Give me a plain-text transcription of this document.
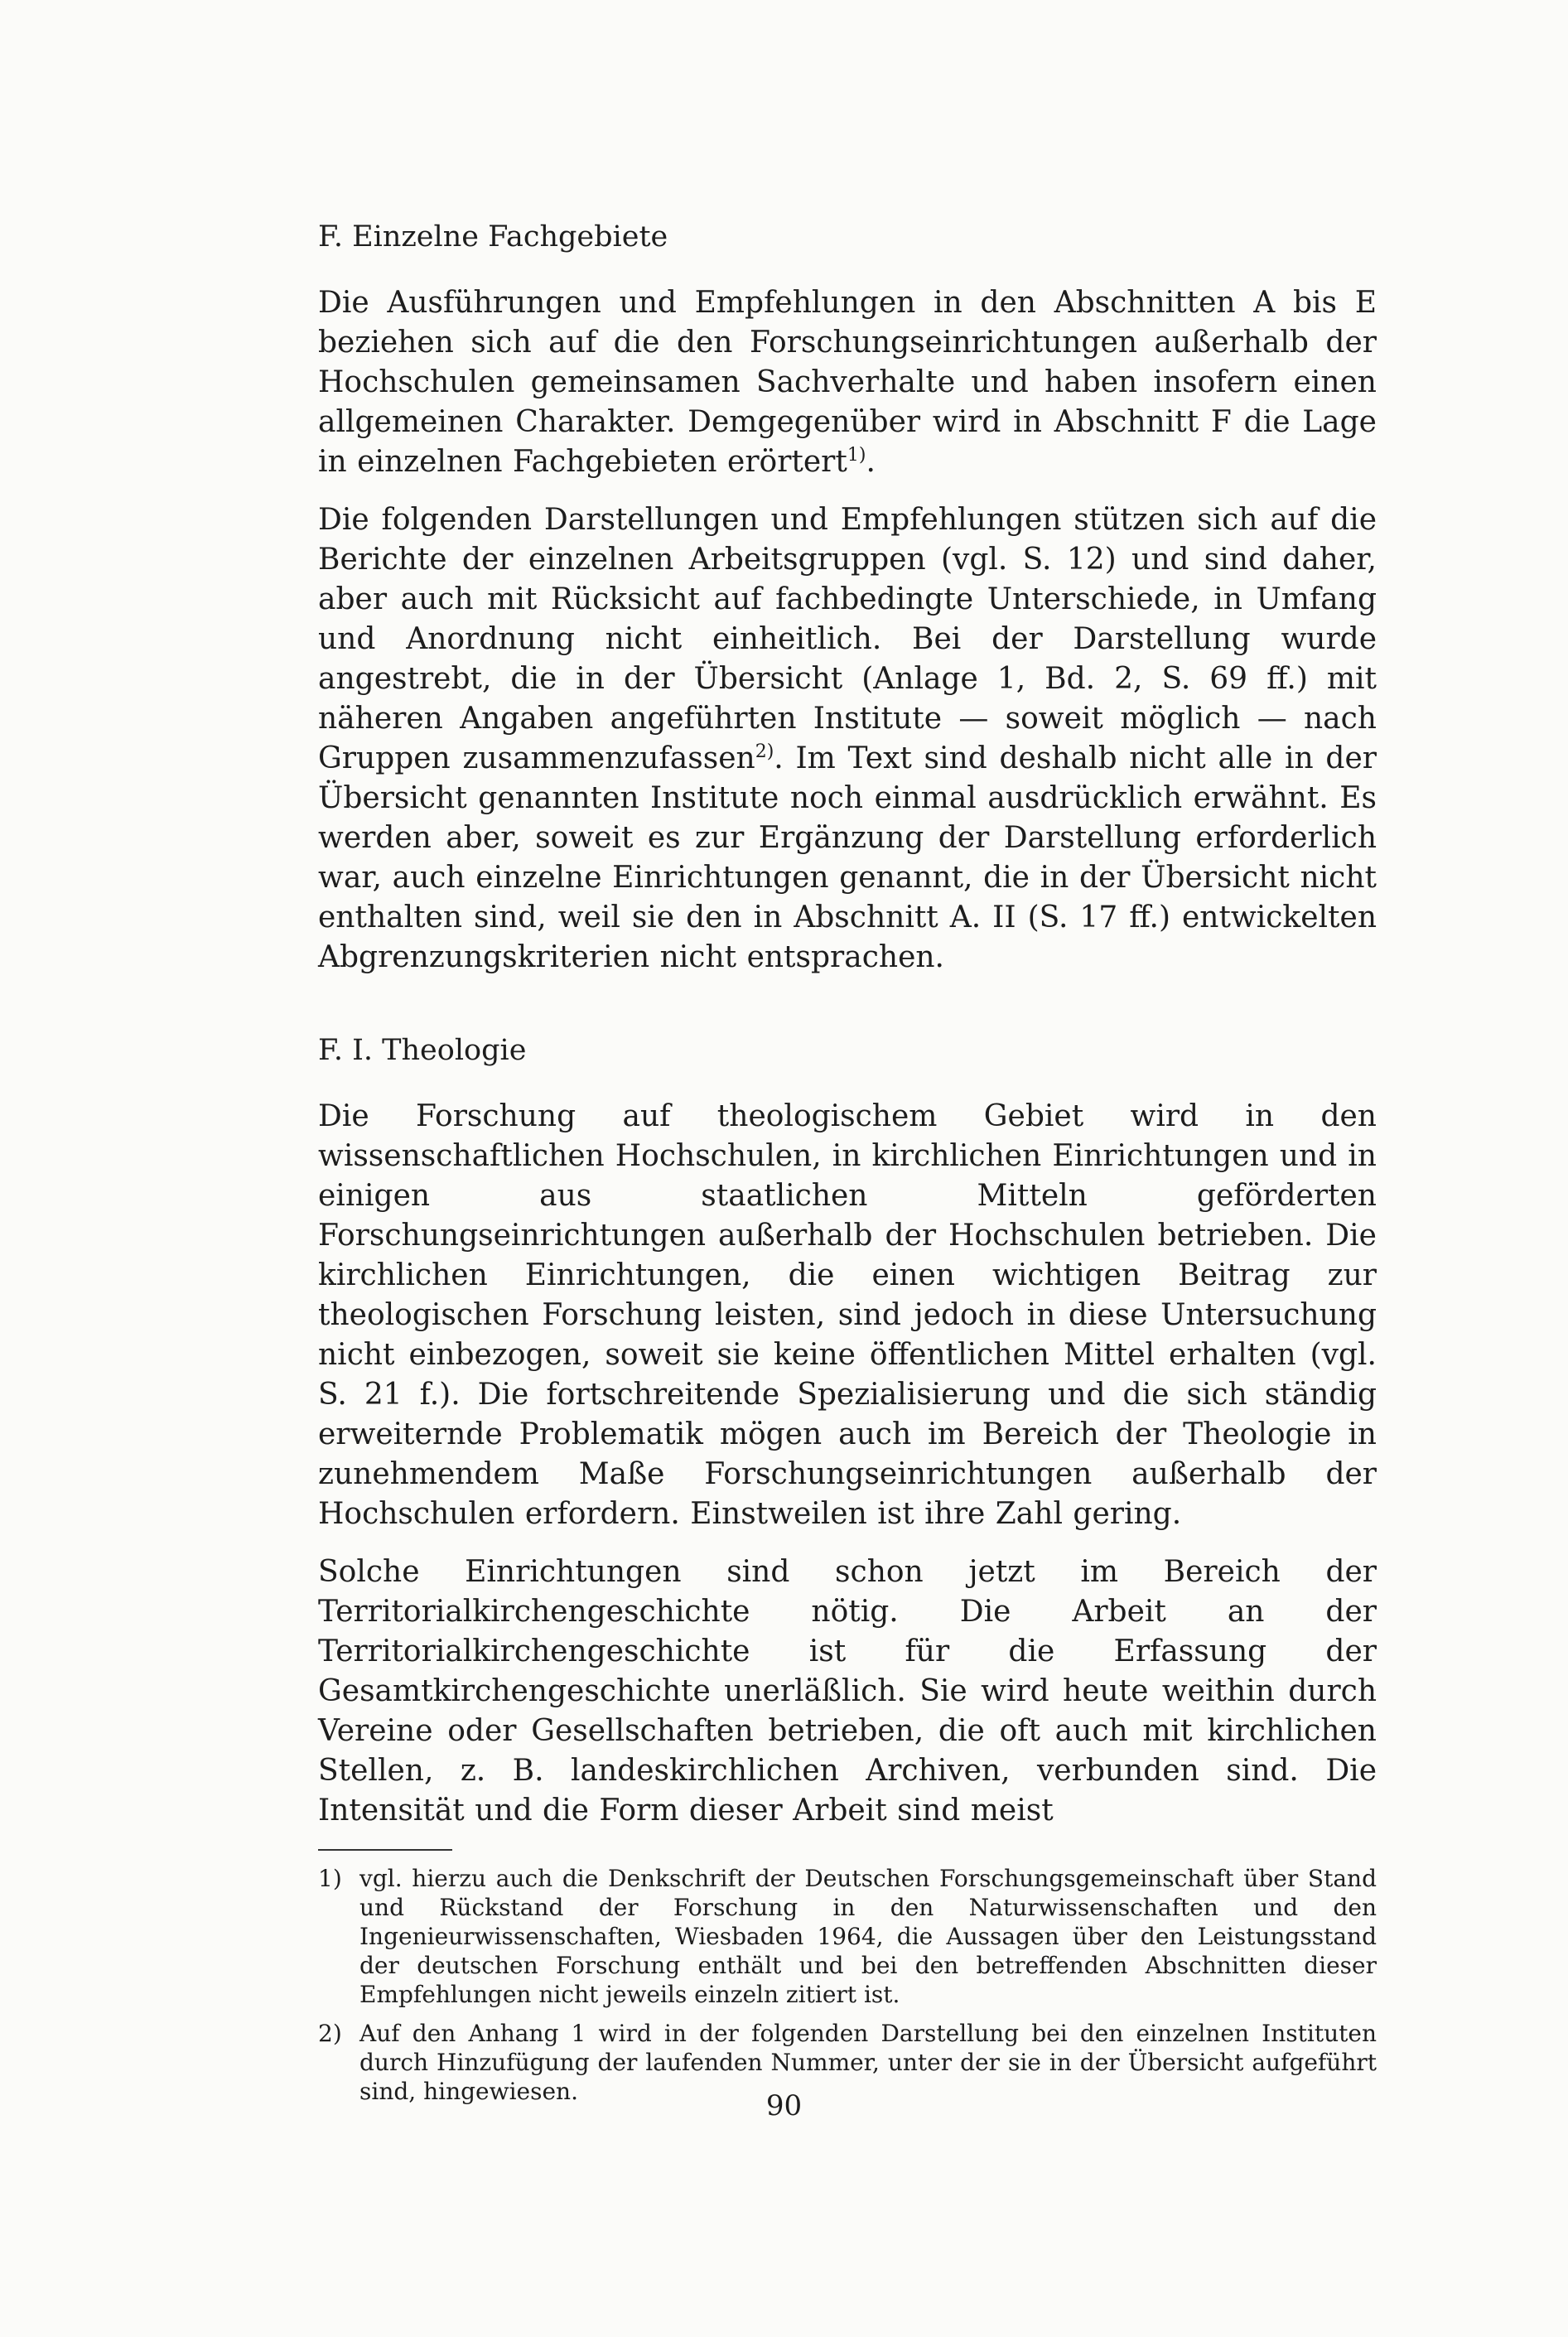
F. Einzelne Fachgebiete

Die Ausführungen und Empfehlungen in den Abschnitten A bis E beziehen sich auf die den Forschungseinrichtungen außerhalb der Hochschulen gemeinsamen Sachverhalte und haben insofern einen allgemeinen Charakter. Demgegenüber wird in Abschnitt F die Lage in einzelnen Fachgebieten erörtert$^{1)}$.

Die folgenden Darstellungen und Empfehlungen stützen sich auf die Berichte der einzelnen Arbeitsgruppen (vgl. S. 12) und sind daher, aber auch mit Rücksicht auf fachbedingte Unterschiede, in Umfang und Anordnung nicht einheitlich. Bei der Darstellung wurde angestrebt, die in der Übersicht (Anlage 1, Bd. 2, S. 69 ff.) mit näheren Angaben angeführten Institute — soweit möglich — nach Gruppen zusammenzufassen$^{2)}$. Im Text sind deshalb nicht alle in der Übersicht genannten Institute noch einmal ausdrücklich erwähnt. Es werden aber, soweit es zur Ergänzung der Darstellung erforderlich war, auch einzelne Einrichtungen genannt, die in der Übersicht nicht enthalten sind, weil sie den in Abschnitt A. II (S. 17 ff.) entwickelten Abgrenzungskriterien nicht entsprachen.

F. I. Theologie

Die Forschung auf theologischem Gebiet wird in den wissenschaftlichen Hochschulen, in kirchlichen Einrichtungen und in einigen aus staatlichen Mitteln geförderten Forschungseinrichtungen außerhalb der Hochschulen betrieben. Die kirchlichen Einrichtungen, die einen wichtigen Beitrag zur theologischen Forschung leisten, sind jedoch in diese Untersuchung nicht einbezogen, soweit sie keine öffentlichen Mittel erhalten (vgl. S. 21 f.). Die fortschreitende Spezialisierung und die sich ständig erweiternde Problematik mögen auch im Bereich der Theologie in zunehmendem Maße Forschungseinrichtungen außerhalb der Hochschulen erfordern. Einstweilen ist ihre Zahl gering.

Solche Einrichtungen sind schon jetzt im Bereich der Territorialkirchengeschichte nötig. Die Arbeit an der Territorialkirchengeschichte ist für die Erfassung der Gesamtkirchengeschichte unerläßlich. Sie wird heute weithin durch Vereine oder Gesellschaften betrieben, die oft auch mit kirchlichen Stellen, z. B. landeskirchlichen Archiven, verbunden sind. Die Intensität und die Form dieser Arbeit sind meist

1) vgl. hierzu auch die Denkschrift der Deutschen Forschungsgemeinschaft über Stand und Rückstand der Forschung in den Naturwissenschaften und den Ingenieurwissenschaften, Wiesbaden 1964, die Aussagen über den Leistungsstand der deutschen Forschung enthält und bei den betreffenden Abschnitten dieser Empfehlungen nicht jeweils einzeln zitiert ist.
2) Auf den Anhang 1 wird in der folgenden Darstellung bei den einzelnen Instituten durch Hinzufügung der laufenden Nummer, unter der sie in der Übersicht aufgeführt sind, hingewiesen.	90
